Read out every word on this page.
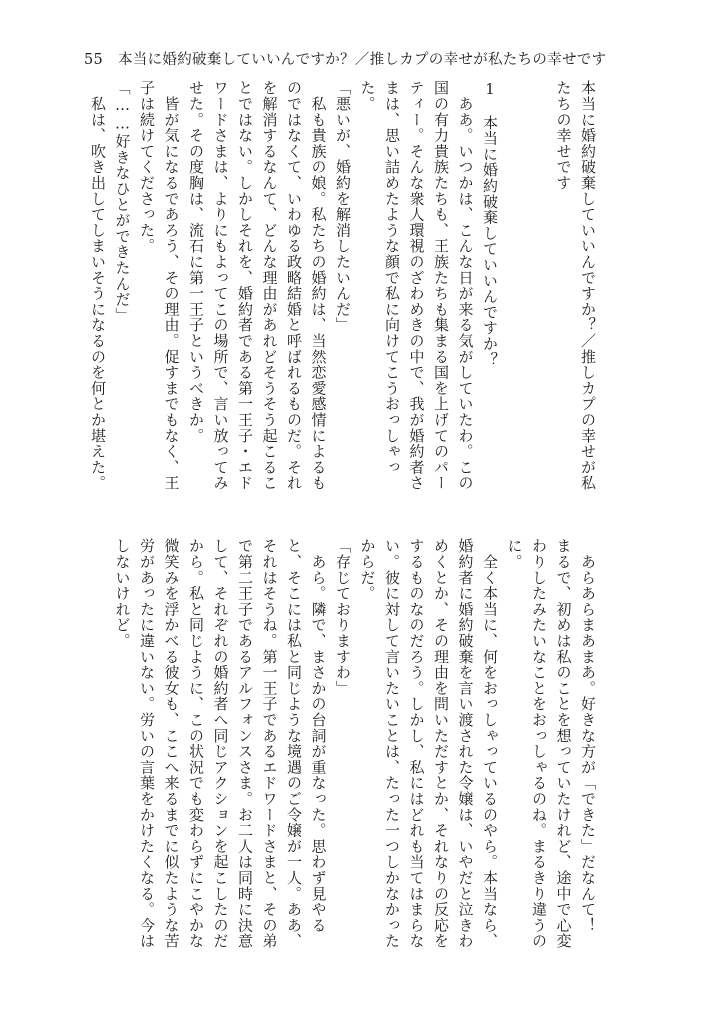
55 本当に婚約破棄していいんですか？／推しカプの幸せが私たちの幸せです
本当に婚約破棄していいんですか？／推しカプの幸せが私
たちの幸せです
1　本当に婚約破棄していいんですか？
　ああ。いつかは、こんな日が来る気がしていたわ。この
国の有力貴族たちも、王族たちも集まる国を上げてのパー
ティー。そんな衆人環視のざわめきの中で、我が婚約者さ
まは、思い詰めたような顔で私に向けてこうおっしゃっ
た。
「悪いが、婚約を解消したいんだ」
　私も貴族の娘。私たちの婚約は、当然恋愛感情によるも
のではなくて、いわゆる政略結婚と呼ばれるものだ。それ
を解消するなんて、どんな理由があれどそうそう起こるこ
とではない。しかしそれを、婚約者である第一王子・エド
ワードさまは、よりにもよってこの場所で、言い放ってみ
せた。その度胸は、流石に第一王子というべきか。
　皆が気になるであろう、その理由。促すまでもなく、王
子は続けてくださった。
「……好きなひとができたんだ」
　私は、吹き出してしまいそうになるのを何とか堪えた。
　あらあらまあまあ。好きな方が「できた」だなんて！
まるで、初めは私のことを想っていたけれど、途中で心変
わりしたみたいなことをおっしゃるのね。まるきり違うの
に。
　全く本当に、何をおっしゃっているのやら。本当なら、
婚約者に婚約破棄を言い渡された令嬢は、いやだと泣きわ
めくとか、その理由を問いただすとか、それなりの反応を
するものなのだろう。しかし、私にはどれも当てはまらな
い。彼に対して言いたいことは、たった一つしかなかった
からだ。
「存じておりますわ」
　あら。隣で、まさかの台詞が重なった。思わず見やる
と、そこには私と同じような境遇のご令嬢が一人。ああ、
それはそうね。第一王子であるエドワードさまと、その弟
で第二王子であるアルフォンスさま。お二人は同時に決意
して、それぞれの婚約者へ同じアクションを起こしたのだ
から。私と同じように、この状況でも変わらずにこやかな
微笑みを浮かべる彼女も、ここへ来るまでに似たような苦
労があったに違いない。労いの言葉をかけたくなる。今は
しないけれど。
